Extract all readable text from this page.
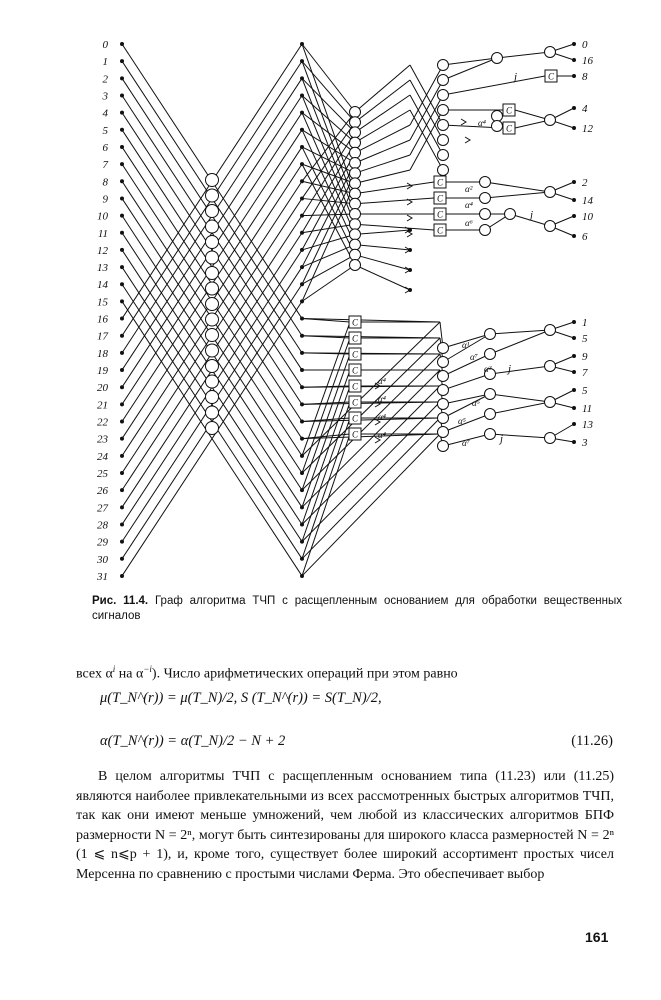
0
1
2
3
4
5
6
7
8
9
10
11
12
13
14
15
16
17
18
19
20
21
22
23
24
25
26
27
28
29
30
31
C
C
C
C
C
C
C
C
C
C
C
C
0
16
8
4
12
2
14
10
6
C
C
C
1
5
9
7
5
11
13
3
α⁴
α²
α⁴
α⁶
α⁴
α⁴
α⁴
α⁴
α¹
α⁷
α³
α⁵
α⁵
α⁷
j
j
j
j
Рис. 11.4. Граф алгоритма ТЧП с расщепленным основанием для обработки вещественных сигналов
всех $\alpha^i$ на $\alpha^{-i}$). Число арифметических операций при этом равно
μ(T_N^(r)) = μ(T_N)/2, S (T_N^(r)) = S(T_N)/2,
α(T_N^(r)) = α(T_N)/2 − N + 2	(11.26)
В целом алгоритмы ТЧП с расщепленным основанием типа (11.23) или (11.25) являются наиболее привлекательными из всех рассмотренных быстрых алгоритмов ТЧП, так как они имеют меньше умножений, чем любой из классических алгоритмов БПФ размерности N = 2ⁿ, могут быть синтезированы для широкого класса размерностей N = 2ⁿ (1 ⩽ n⩽p + 1), и, кроме того, существует более широкий ассортимент простых чисел Мерсенна по сравнению с простыми числами Ферма. Это обеспечивает выбор
161
